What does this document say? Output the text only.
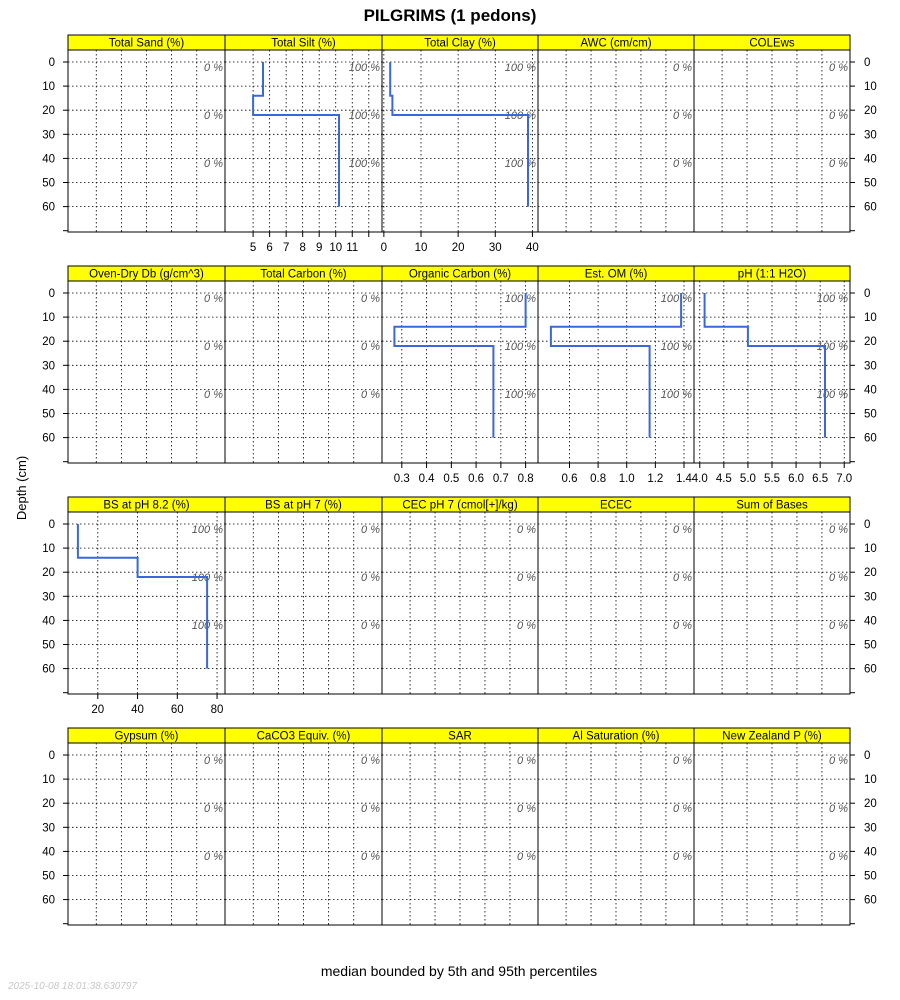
PILGRIMS (1 pedons)
Depth (cm)
0
10
20
30
40
50
60
0
10
20
30
40
50
60
0
10
20
30
40
50
60
0
10
20
30
40
50
60
0
10
20
30
40
50
60
0
10
20
30
40
50
60
0
10
20
30
40
50
60
0
10
20
30
40
50
60
Total Sand (%)
0 %
0 %
0 %
Total Silt (%)
100 %
100 %
100 %
5 6 7 8 9 10 11
Total Clay (%)
100 %
100 %
100 %
0 10 20 30 40
AWC (cm/cm)
0 %
0 %
0 %
COLEws
0 %
0 %
0 %
Oven-Dry Db (g/cm^3)
0 %
0 %
0 %
Total Carbon (%)
0 %
0 %
0 %
Organic Carbon (%)
100 %
100 %
100 %
0.3 0.4 0.5 0.6 0.7 0.8
Est. OM (%)
100 %
100 %
100 %
0.6 0.8 1.0 1.2 1.4
pH (1:1 H2O)
100 %
100 %
100 %
4.0 4.5 5.0 5.5 6.0 6.5 7.0
BS at pH 8.2 (%)
100 %
100 %
100 %
20 40 60 80
BS at pH 7 (%)
0 %
0 %
0 %
CEC pH 7 (cmol[+]/kg)
0 %
0 %
0 %
ECEC
0 %
0 %
0 %
Sum of Bases
0 %
0 %
0 %
Gypsum (%)
0 %
0 %
0 %
CaCO3 Equiv. (%)
0 %
0 %
0 %
SAR
0 %
0 %
0 %
Al Saturation (%)
0 %
0 %
0 %
New Zealand P (%)
0 %
0 %
0 %
median bounded by 5th and 95th percentiles
2025-10-08 18:01:38.630797
